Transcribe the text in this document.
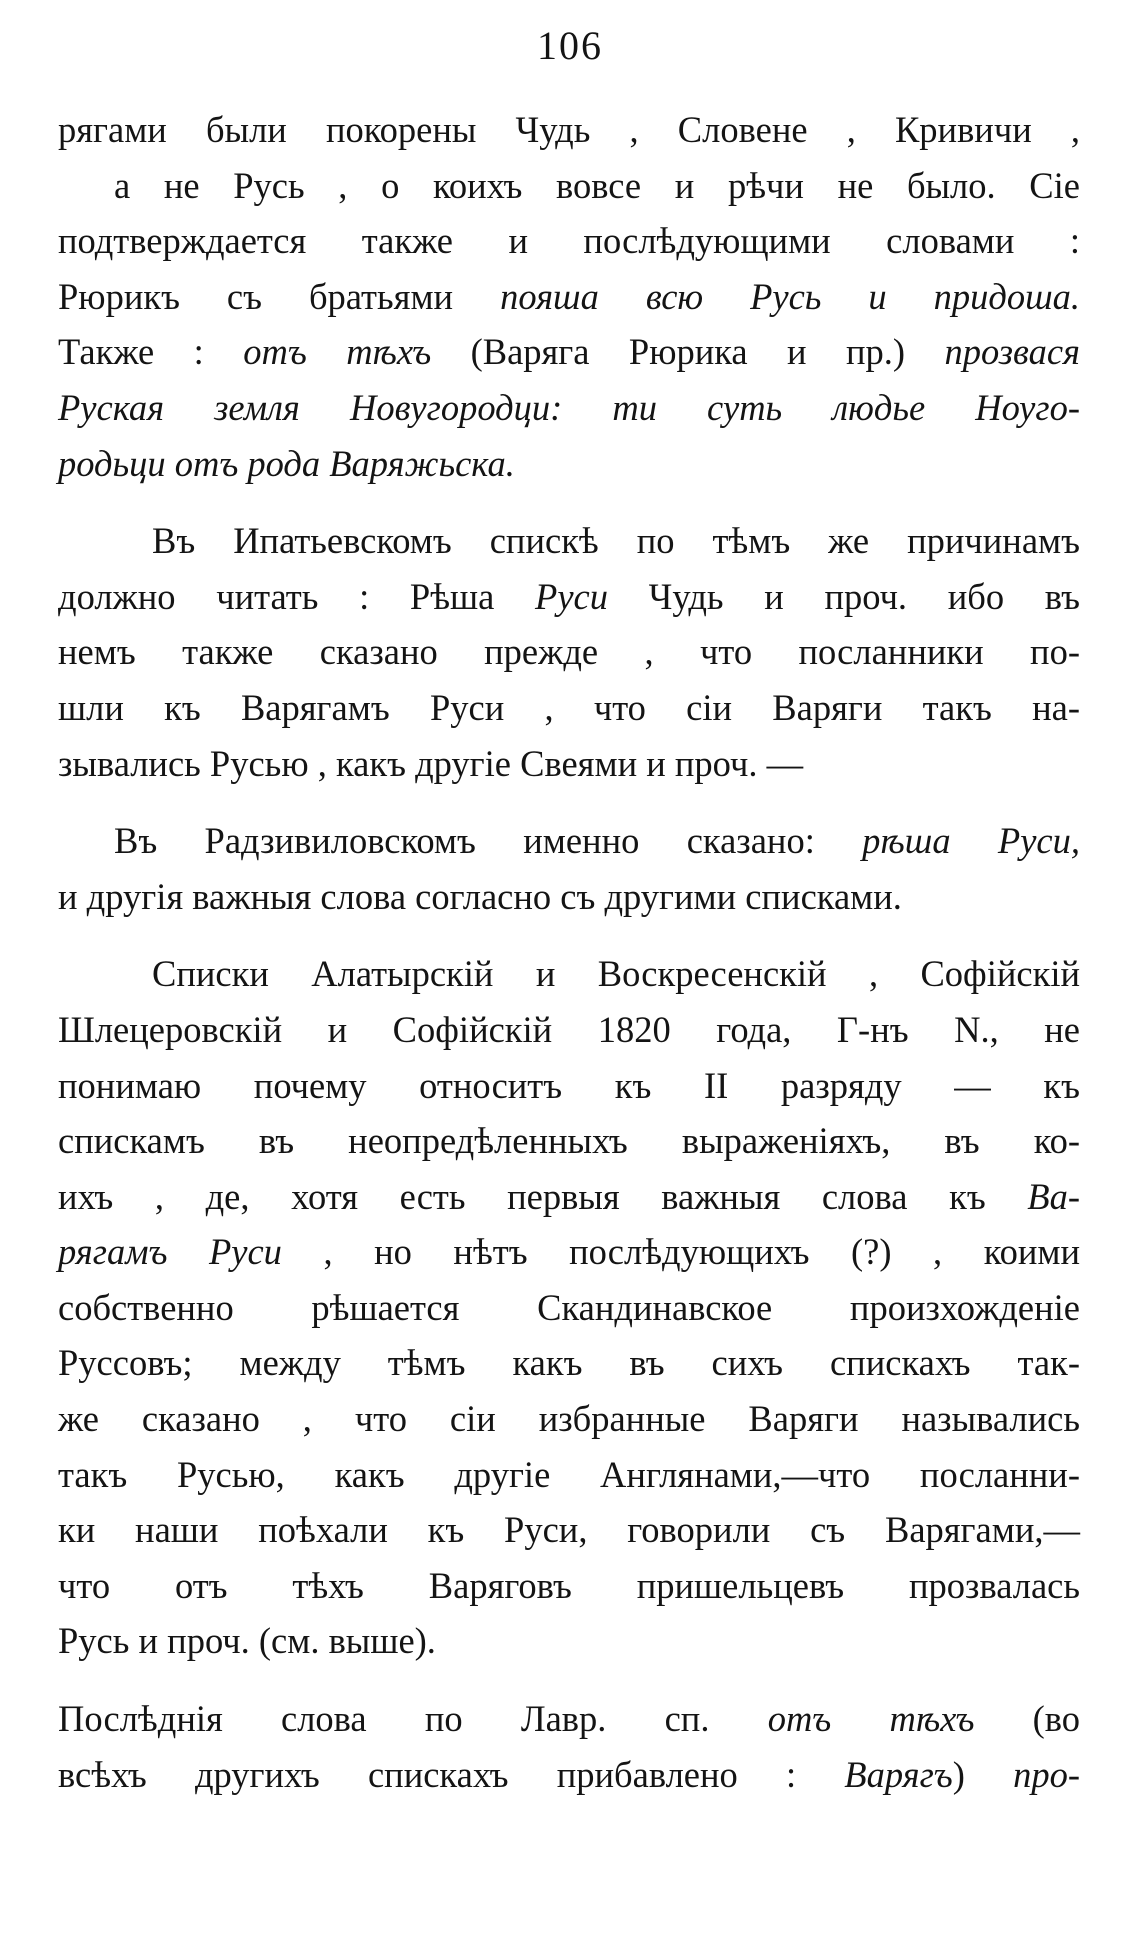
106
рягами были покорены Чудь , Словене , Кривичи ,
а не Русь , о коихъ вовсе и рѣчи не было. Сіе
подтверждается также и послѣдующими словами :
Рюрикъ съ братьями пояша всю Русь и придоша.
Также : отъ тѣхъ (Варяга Рюрика и пр.) прозвася
Руская земля Новугородци: ти суть людье Ноуго-
родьци отъ рода Варяжьска.
Въ Ипатьевскомъ спискѣ по тѣмъ же причинамъ
должно читать : Рѣша Руси Чудь и проч. ибо въ
немъ также сказано прежде , что посланники по-
шли къ Варягамъ Руси , что сіи Варяги такъ на-
зывались Русью , какъ другіе Свеями и проч. —
Въ Радзивиловскомъ именно сказано: рѣша Руси,
и другія важныя слова согласно съ другими списками.
Списки Алатырскій и Воскресенскій , Софійскій
Шлецеровскій и Софійскій 1820 года, Г-нъ N., не
понимаю почему относитъ къ II разряду — къ
спискамъ въ неопредѣленныхъ выраженіяхъ, въ ко-
ихъ , де, хотя есть первыя важныя слова къ Ва-
рягамъ Руси , но нѣтъ послѣдующихъ (?) , коими
собственно рѣшается Скандинавское произхожденіе
Руссовъ; между тѣмъ какъ въ сихъ спискахъ так-
же сказано , что сіи избранные Варяги назывались
такъ Русью, какъ другіе Англянами,—что посланни-
ки наши поѣхали къ Руси, говорили съ Варягами,—
что отъ тѣхъ Варяговъ пришельцевъ прозвалась
Русь и проч. (см. выше).
Послѣднія слова по Лавр. сп. отъ тѣхъ (во
всѣхъ другихъ спискахъ прибавлено : Варягъ) про-
